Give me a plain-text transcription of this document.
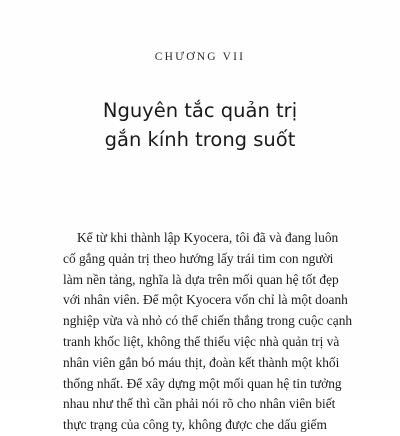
CHƯƠNG VII
Nguyên tắc quản trị
gắn kính trong suốt
Kể từ khi thành lập Kyocera, tôi đã và đang luôn
cố gắng quản trị theo hướng lấy trái tim con người
làm nền tảng, nghĩa là dựa trên mối quan hệ tốt đẹp
với nhân viên. Để một Kyocera vốn chỉ là một doanh
nghiệp vừa và nhỏ có thể chiến thắng trong cuộc cạnh
tranh khốc liệt, không thể thiếu việc nhà quản trị và
nhân viên gắn bó máu thịt, đoàn kết thành một khối
thống nhất. Để xây dựng một mối quan hệ tin tưởng
nhau như thế thì cần phải nói rõ cho nhân viên biết
thực trạng của công ty, không được che dấu giếm
